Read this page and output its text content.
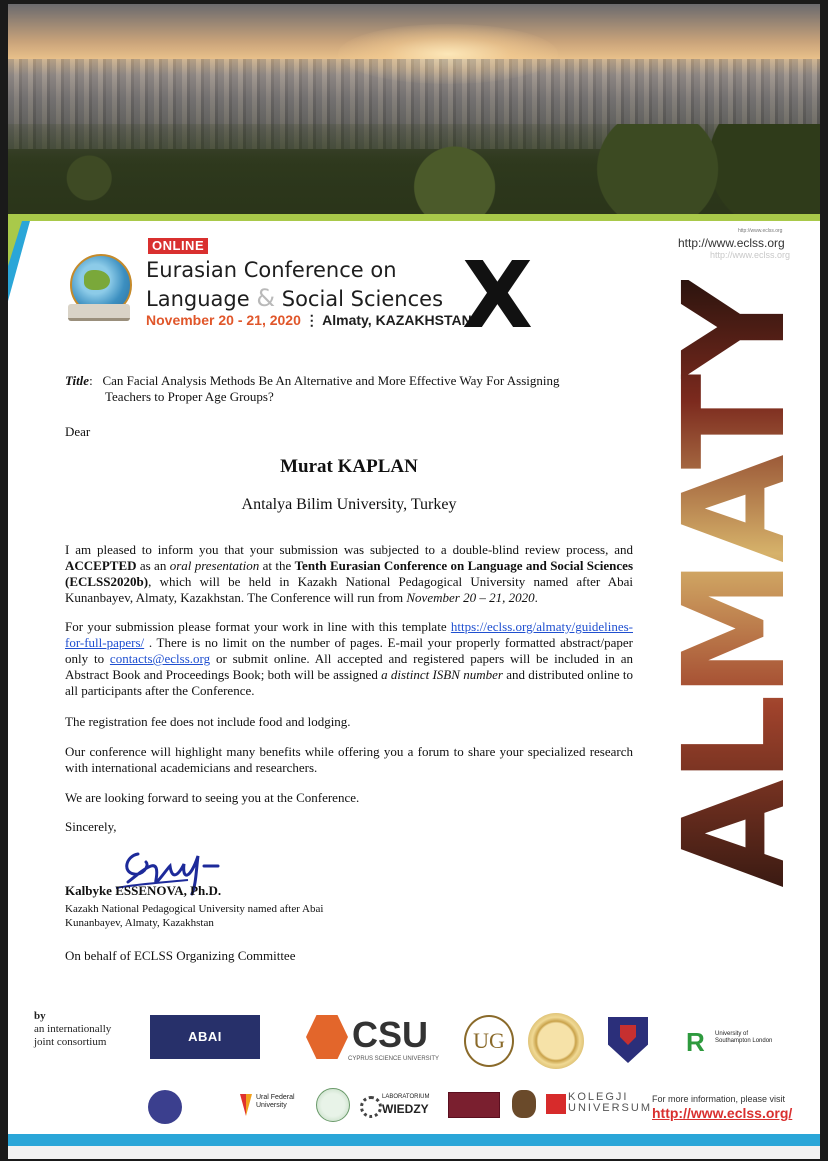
ONLINE
Eurasian Conference on
Language & Social Sciences
November 20 - 21, 2020 ⋮ Almaty, KAZAKHSTAN
X
http://www.eclss.org
http://www.eclss.org
http://www.eclss.org
ALMATY
Title: Can Facial Analysis Methods Be An Alternative and More Effective Way For Assigning
Teachers to Proper Age Groups?
Dear
Murat KAPLAN
Antalya Bilim University, Turkey
I am pleased to inform you that your submission was subjected to a double-blind review process, and ACCEPTED as an oral presentation at the Tenth Eurasian Conference on Language and Social Sciences (ECLSS2020b), which will be held in Kazakh National Pedagogical University named after Abai Kunanbayev, Almaty, Kazakhstan. The Conference will run from November 20 – 21, 2020.
For your submission please format your work in line with this template https://eclss.org/almaty/guidelines-for-full-papers/ . There is no limit on the number of pages. E-mail your properly formatted abstract/paper only to contacts@eclss.org or submit online. All accepted and registered papers will be included in an Abstract Book and Proceedings Book; both will be assigned a distinct ISBN number and distributed online to all participants after the Conference.
The registration fee does not include food and lodging.
Our conference will highlight many benefits while offering you a forum to share your specialized research with international academicians and researchers.
We are looking forward to seeing you at the Conference.
Sincerely,
Kalbyke ESSENOVA, Ph.D.
Kazakh National Pedagogical University named after Abai Kunanbayev, Almaty, Kazakhstan
On behalf of ECLSS Organizing Committee
by
an internationally joint consortium	ABAI UNIVERSITY
CSU
CYPRUS SCIENCE UNIVERSITY
UG	R University of Southampton London
Ural Federal University
LABORATORIUM
WIEDZY
KOLEGJI UNIVERSUM
For more information, please visit
http://www.eclss.org/
